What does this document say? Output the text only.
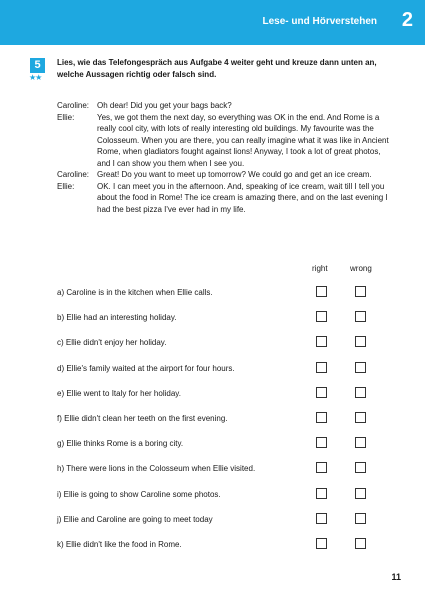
Lese- und Hörverstehen 2
5
★★
Lies, wie das Telefongespräch aus Aufgabe 4 weiter geht und kreuze dann unten an, welche Aussagen richtig oder falsch sind.
Caroline: Oh dear! Did you get your bags back?
Ellie:	Yes, we got them the next day, so everything was OK in the end. And Rome is a really cool city, with lots of really interesting old buildings. My favourite was the Colosseum. When you are there, you can really imagine what it was like in Ancient Rome, when gladiators fought against lions! Anyway, I took a lot of great photos, and I can show you them when I see you.
Caroline: Great! Do you want to meet up tomorrow? We could go and get an ice cream.
Ellie:	OK. I can meet you in the afternoon. And, speaking of ice cream, wait till I tell you about the food in Rome! The ice cream is amazing there, and on the last evening I had the best pizza I've ever had in my life.
right	wrong
a) Caroline is in the kitchen when Ellie calls.
b) Ellie had an interesting holiday.
c) Ellie didn't enjoy her holiday.
d) Ellie's family waited at the airport for four hours.
e) Ellie went to Italy for her holiday.
f) Ellie didn't clean her teeth on the first evening.
g) Ellie thinks Rome is a boring city.
h) There were lions in the Colosseum when Ellie visited.
i) Ellie is going to show Caroline some photos.
j) Ellie and Caroline are going to meet today
k) Ellie didn't like the food in Rome.
11
